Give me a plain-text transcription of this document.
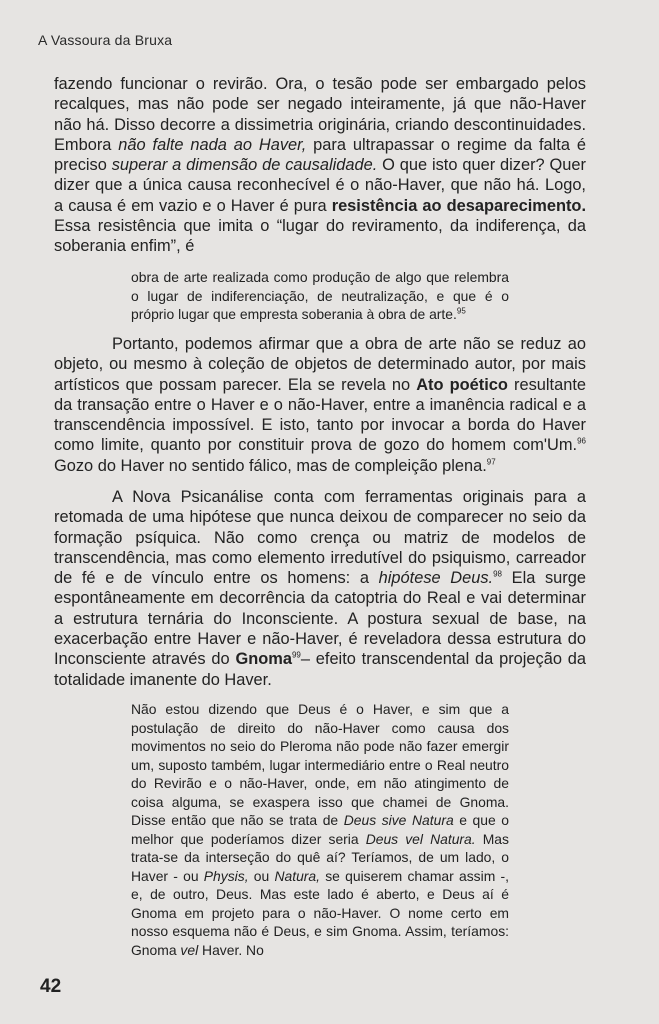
A Vassoura da Bruxa

fazendo funcionar o revirão. Ora, o tesão pode ser embargado pelos recalques, mas não pode ser negado inteiramente, já que não-Haver não há. Disso decorre a dissimetria originária, criando descontinuidades. Embora não falte nada ao Haver, para ultrapassar o regime da falta é preciso superar a dimensão de causalidade. O que isto quer dizer? Quer dizer que a única causa reconhecível é o não-Haver, que não há. Logo, a causa é em vazio e o Haver é pura resistência ao desaparecimento. Essa resistência que imita o “lugar do reviramento, da indiferença, da soberania enfim”, é

obra de arte realizada como produção de algo que relembra o lugar de indiferenciação, de neutralização, e que é o próprio lugar que empresta soberania à obra de arte.$^{95}$

Portanto, podemos afirmar que a obra de arte não se reduz ao objeto, ou mesmo à coleção de objetos de determinado autor, por mais artísticos que possam parecer. Ela se revela no Ato poético resultante da transação entre o Haver e o não-Haver, entre a imanência radical e a transcendência impossível. E isto, tanto por invocar a borda do Haver como limite, quanto por constituir prova de gozo do homem com'Um.$^{96}$ Gozo do Haver no sentido fálico, mas de compleição plena.$^{97}$

A Nova Psicanálise conta com ferramentas originais para a retomada de uma hipótese que nunca deixou de comparecer no seio da formação psíquica. Não como crença ou matriz de modelos de transcendência, mas como elemento irredutível do psiquismo, carreador de fé e de vínculo entre os homens: a hipótese Deus.$^{98}$ Ela surge espontâneamente em decorrência da catoptria do Real e vai determinar a estrutura ternária do Inconsciente. A postura sexual de base, na exacerbação entre Haver e não-Haver, é reveladora dessa estrutura do Inconsciente através do Gnoma$^{99}$– efeito transcendental da projeção da totalidade imanente do Haver.

Não estou dizendo que Deus é o Haver, e sim que a postulação de direito do não-Haver como causa dos movimentos no seio do Pleroma não pode não fazer emergir um, suposto também, lugar intermediário entre o Real neutro do Revirão e o não-Haver, onde, em não atingimento de coisa alguma, se exaspera isso que chamei de Gnoma. Disse então que não se trata de Deus sive Natura e que o melhor que poderíamos dizer seria Deus vel Natura. Mas trata-se da interseção do quê aí? Teríamos, de um lado, o Haver - ou Physis, ou Natura, se quiserem chamar assim -, e, de outro, Deus. Mas este lado é aberto, e Deus aí é Gnoma em projeto para o não-Haver. O nome certo em nosso esquema não é Deus, e sim Gnoma. Assim, teríamos: Gnoma vel Haver. No

42
